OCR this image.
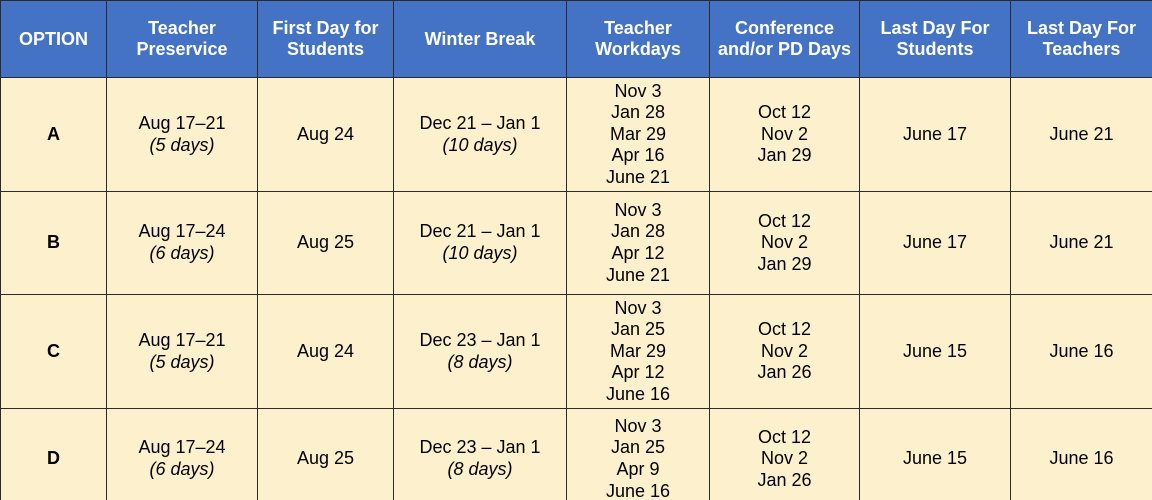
OPTION	Teacher
Preservice	First Day for
Students	Winter Break	Teacher
Workdays	Conference
and/or PD Days	Last Day For
Students	Last Day For
Teachers

A	Aug 17–21
(5 days)	Aug 24	Dec 21 – Jan 1
(10 days)	Nov 3
Jan 28
Mar 29
Apr 16
June 21	Oct 12
Nov 2
Jan 29	June 17	June 21
B	Aug 17–24
(6 days)	Aug 25	Dec 21 – Jan 1
(10 days)	Nov 3
Jan 28
Apr 12
June 21	Oct 12
Nov 2
Jan 29	June 17	June 21
C	Aug 17–21
(5 days)	Aug 24	Dec 23 – Jan 1
(8 days)	Nov 3
Jan 25
Mar 29
Apr 12
June 16	Oct 12
Nov 2
Jan 26	June 15	June 16
D	Aug 17–24
(6 days)	Aug 25	Dec 23 – Jan 1
(8 days)	Nov 3
Jan 25
Apr 9
June 16	Oct 12
Nov 2
Jan 26	June 15	June 16
